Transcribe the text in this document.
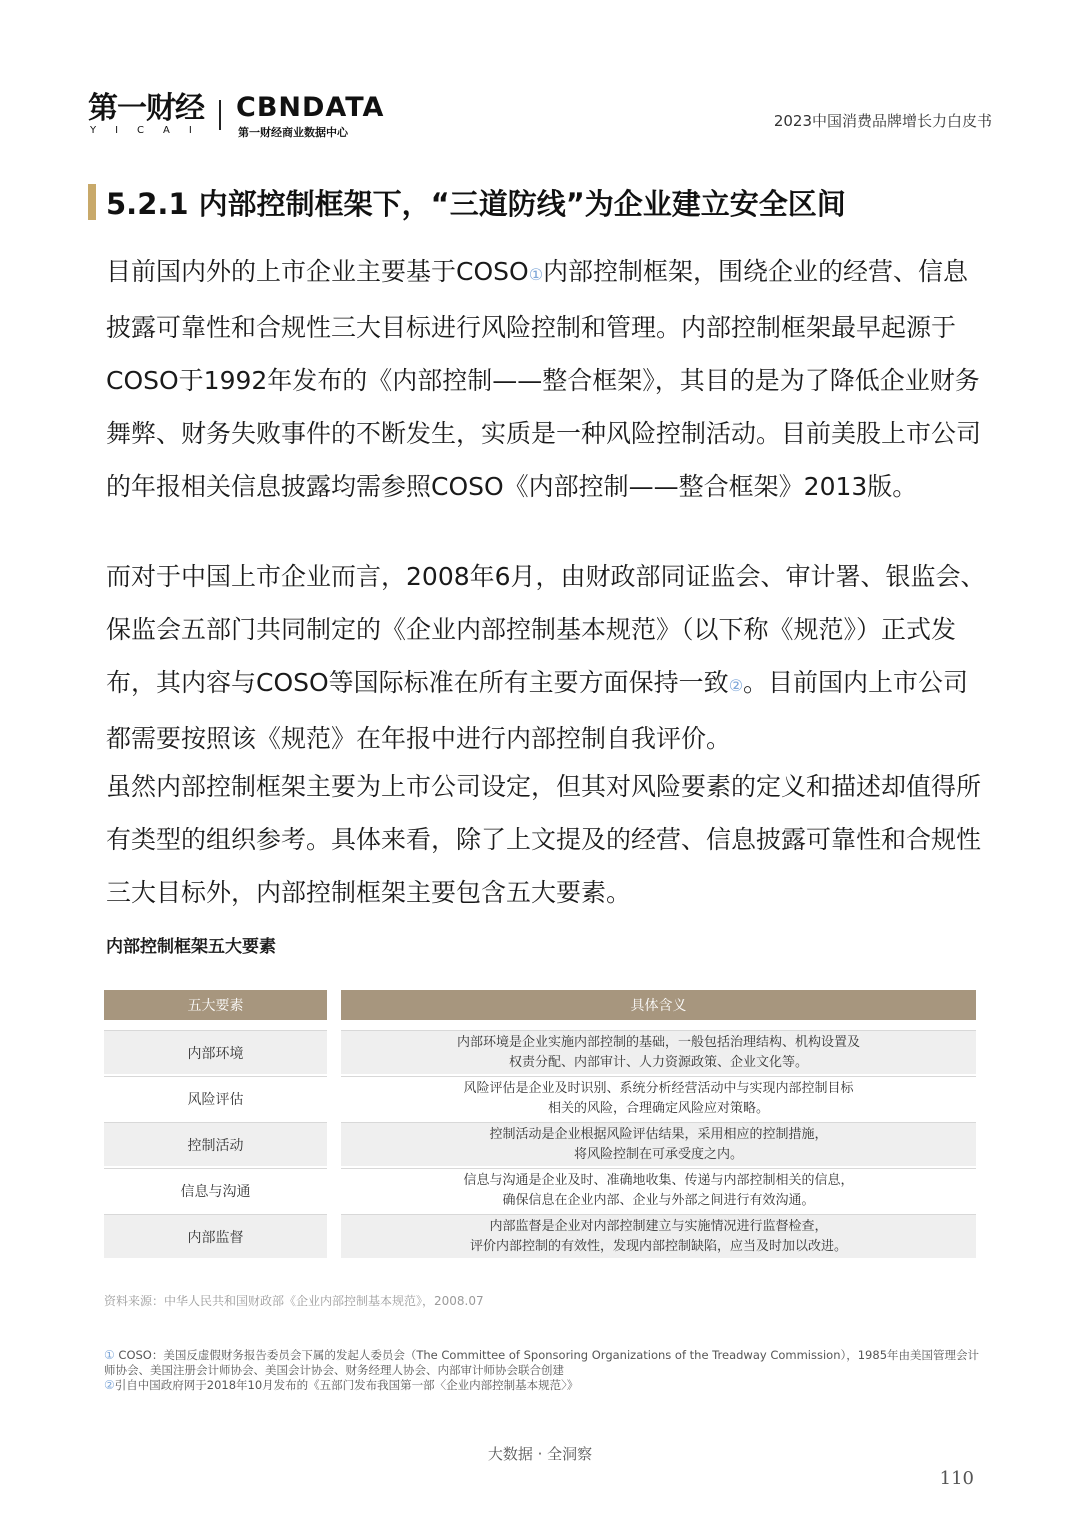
第一财经
YICAI
CBNDATA
第一财经商业数据中心
2023中国消费品牌增长力白皮书
5.2.1 内部控制框架下，“三道防线”为企业建立安全区间

目前国内外的上市企业主要基于COSO①内部控制框架，围绕企业的经营、信息披露可靠性和合规性三大目标进行风险控制和管理。内部控制框架最早起源于COSO于1992年发布的《内部控制——整合框架》，其目的是为了降低企业财务舞弊、财务失败事件的不断发生，实质是一种风险控制活动。目前美股上市公司的年报相关信息披露均需参照COSO《内部控制——整合框架》2013版。

而对于中国上市企业而言，2008年6月，由财政部同证监会、审计署、银监会、保监会五部门共同制定的《企业内部控制基本规范》（以下称《规范》）正式发布，其内容与COSO等国际标准在所有主要方面保持一致②。目前国内上市公司都需要按照该《规范》在年报中进行内部控制自我评价。

虽然内部控制框架主要为上市公司设定，但其对风险要素的定义和描述却值得所有类型的组织参考。具体来看，除了上文提及的经营、信息披露可靠性和合规性三大目标外，内部控制框架主要包含五大要素。

内部控制框架五大要素
五大要素	具体含义
内部环境
内部环境是企业实施内部控制的基础，一般包括治理结构、机构设置及
权责分配、内部审计、人力资源政策、企业文化等。
风险评估
风险评估是企业及时识别、系统分析经营活动中与实现内部控制目标
相关的风险，合理确定风险应对策略。
控制活动
控制活动是企业根据风险评估结果，采用相应的控制措施，
将风险控制在可承受度之内。
信息与沟通
信息与沟通是企业及时、准确地收集、传递与内部控制相关的信息，
确保信息在企业内部、企业与外部之间进行有效沟通。
内部监督
内部监督是企业对内部控制建立与实施情况进行监督检查，
评价内部控制的有效性，发现内部控制缺陷，应当及时加以改进。
资料来源：中华人民共和国财政部《企业内部控制基本规范》，2008.07
① COSO：美国反虚假财务报告委员会下属的发起人委员会（The Committee of Sponsoring Organizations of the Treadway Commission），1985年由美国管理会计师协会、美国注册会计师协会、美国会计协会、财务经理人协会、内部审计师协会联合创建
②引自中国政府网于2018年10月发布的《五部门发布我国第一部〈企业内部控制基本规范〉》
大数据 · 全洞察
110
